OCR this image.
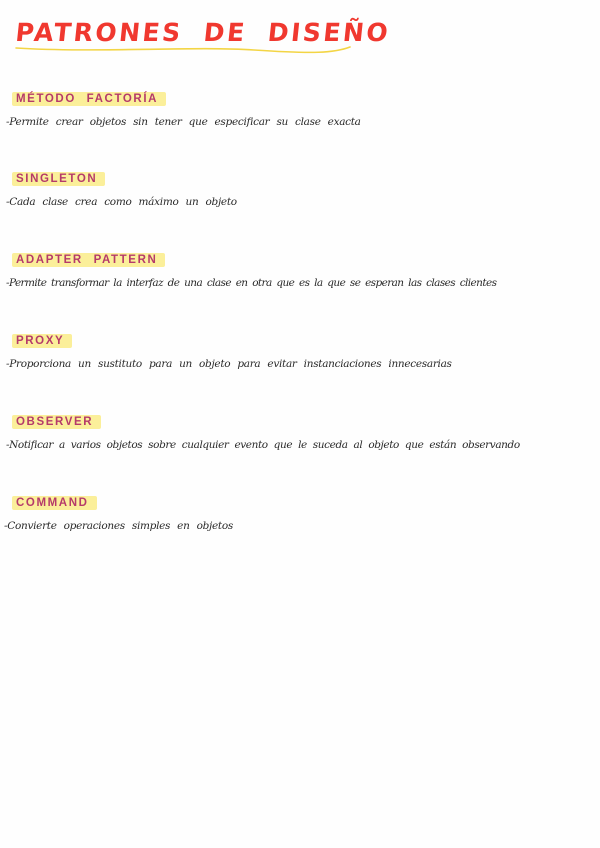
PATRONES DE DISEÑO
MÉTODO FACTORÍA
-Permite crear objetos sin tener que especificar su clase exacta
SINGLETON
-Cada clase crea como máximo un objeto
ADAPTER PATTERN
-Permite transformar la interfaz de una clase en otra que es la que se esperan las clases clientes
PROXY
-Proporciona un sustituto para un objeto para evitar instanciaciones innecesarias
OBSERVER
-Notificar a varios objetos sobre cualquier evento que le suceda al objeto que están observando
COMMAND
-Convierte operaciones simples en objetos
